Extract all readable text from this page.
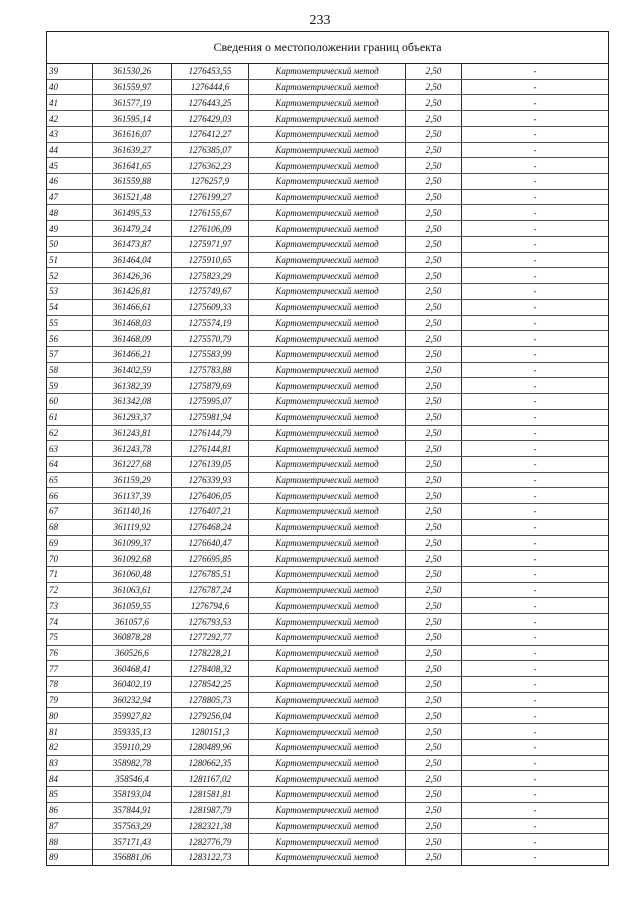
233
Сведения о местоположении границ объекта
39	361530,26	1276453,55	Картометрический метод	2,50	-
40	361559,97	1276444,6	Картометрический метод	2,50	-
41	361577,19	1276443,25	Картометрический метод	2,50	-
42	361595,14	1276429,03	Картометрический метод	2,50	-
43	361616,07	1276412,27	Картометрический метод	2,50	-
44	361639,27	1276385,07	Картометрический метод	2,50	-
45	361641,65	1276362,23	Картометрический метод	2,50	-
46	361559,88	1276257,9	Картометрический метод	2,50	-
47	361521,48	1276199,27	Картометрический метод	2,50	-
48	361495,53	1276155,67	Картометрический метод	2,50	-
49	361479,24	1276106,09	Картометрический метод	2,50	-
50	361473,87	1275971,97	Картометрический метод	2,50	-
51	361464,04	1275910,65	Картометрический метод	2,50	-
52	361426,36	1275823,29	Картометрический метод	2,50	-
53	361426,81	1275749,67	Картометрический метод	2,50	-
54	361466,61	1275609,33	Картометрический метод	2,50	-
55	361468,03	1275574,19	Картометрический метод	2,50	-
56	361468,09	1275570,79	Картометрический метод	2,50	-
57	361466,21	1275583,99	Картометрический метод	2,50	-
58	361402,59	1275783,88	Картометрический метод	2,50	-
59	361382,39	1275879,69	Картометрический метод	2,50	-
60	361342,08	1275995,07	Картометрический метод	2,50	-
61	361293,37	1275981,94	Картометрический метод	2,50	-
62	361243,81	1276144,79	Картометрический метод	2,50	-
63	361243,78	1276144,81	Картометрический метод	2,50	-
64	361227,68	1276139,05	Картометрический метод	2,50	-
65	361159,29	1276339,93	Картометрический метод	2,50	-
66	361137,39	1276406,05	Картометрический метод	2,50	-
67	361140,16	1276407,21	Картометрический метод	2,50	-
68	361119,92	1276468,24	Картометрический метод	2,50	-
69	361099,37	1276640,47	Картометрический метод	2,50	-
70	361092,68	1276695,85	Картометрический метод	2,50	-
71	361060,48	1276785,51	Картометрический метод	2,50	-
72	361063,61	1276787,24	Картометрический метод	2,50	-
73	361059,55	1276794,6	Картометрический метод	2,50	-
74	361057,6	1276793,53	Картометрический метод	2,50	-
75	360878,28	1277292,77	Картометрический метод	2,50	-
76	360526,6	1278228,21	Картометрический метод	2,50	-
77	360468,41	1278408,32	Картометрический метод	2,50	-
78	360402,19	1278542,25	Картометрический метод	2,50	-
79	360232,94	1278805,73	Картометрический метод	2,50	-
80	359927,82	1279256,04	Картометрический метод	2,50	-
81	359335,13	1280151,3	Картометрический метод	2,50	-
82	359110,29	1280489,96	Картометрический метод	2,50	-
83	358982,78	1280662,35	Картометрический метод	2,50	-
84	358546,4	1281167,02	Картометрический метод	2,50	-
85	358193,04	1281581,81	Картометрический метод	2,50	-
86	357844,91	1281987,79	Картометрический метод	2,50	-
87	357563,29	1282321,38	Картометрический метод	2,50	-
88	357171,43	1282776,79	Картометрический метод	2,50	-
89	356881,06	1283122,73	Картометрический метод	2,50	-
